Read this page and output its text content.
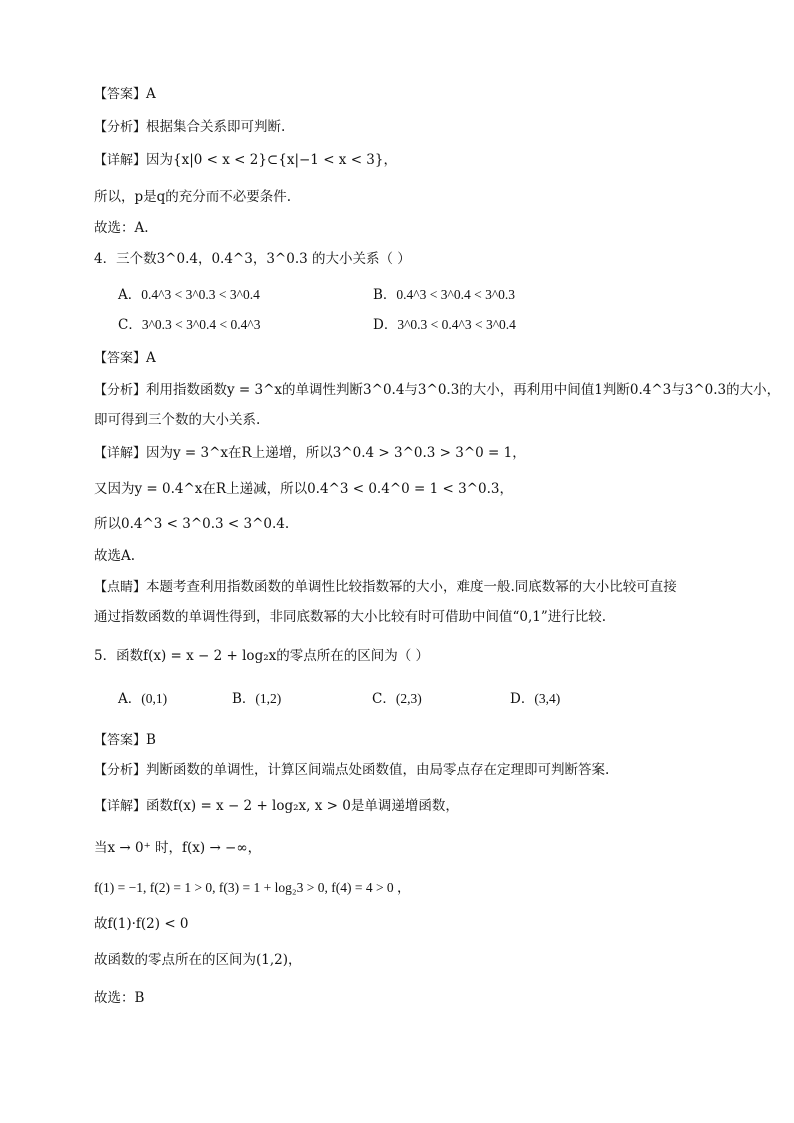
【答案】A
【分析】根据集合关系即可判断.
【详解】因为{x|0 < x < 2}⊂{x|−1 < x < 3}，
所以，p是q的充分而不必要条件.
故选：A.
4．三个数3^0.4，0.4^3，3^0.3 的大小关系（ ）
A．0.4^3 < 3^0.3 < 3^0.4	B．0.4^3 < 3^0.4 < 3^0.3
C．3^0.3 < 3^0.4 < 0.4^3	D．3^0.3 < 0.4^3 < 3^0.4
【答案】A
【分析】利用指数函数y = 3^x的单调性判断3^0.4与3^0.3的大小，再利用中间值1判断0.4^3与3^0.3的大小，
即可得到三个数的大小关系.
【详解】因为y = 3^x在R上递增，所以3^0.4 > 3^0.3 > 3^0 = 1，
又因为y = 0.4^x在R上递减，所以0.4^3 < 0.4^0 = 1 < 3^0.3，
所以0.4^3 < 3^0.3 < 3^0.4.
故选A.
【点睛】本题考查利用指数函数的单调性比较指数幂的大小，难度一般.同底数幂的大小比较可直接
通过指数函数的单调性得到，非同底数幂的大小比较有时可借助中间值“0,1”进行比较.
5．函数f(x) = x − 2 + log₂x的零点所在的区间为（ ）
A．(0,1)	B．(1,2)	C．(2,3)	D．(3,4)
【答案】B
【分析】判断函数的单调性，计算区间端点处函数值，由局零点存在定理即可判断答案.
【详解】函数f(x) = x − 2 + log₂x, x > 0是单调递增函数，
当x → 0⁺ 时，f(x) → −∞，
f(1) = −1, f(2) = 1 > 0, f(3) = 1 + log₂3 > 0, f(4) = 4 > 0 ，
故f(1)·f(2) < 0
故函数的零点所在的区间为(1,2)，
故选：B
